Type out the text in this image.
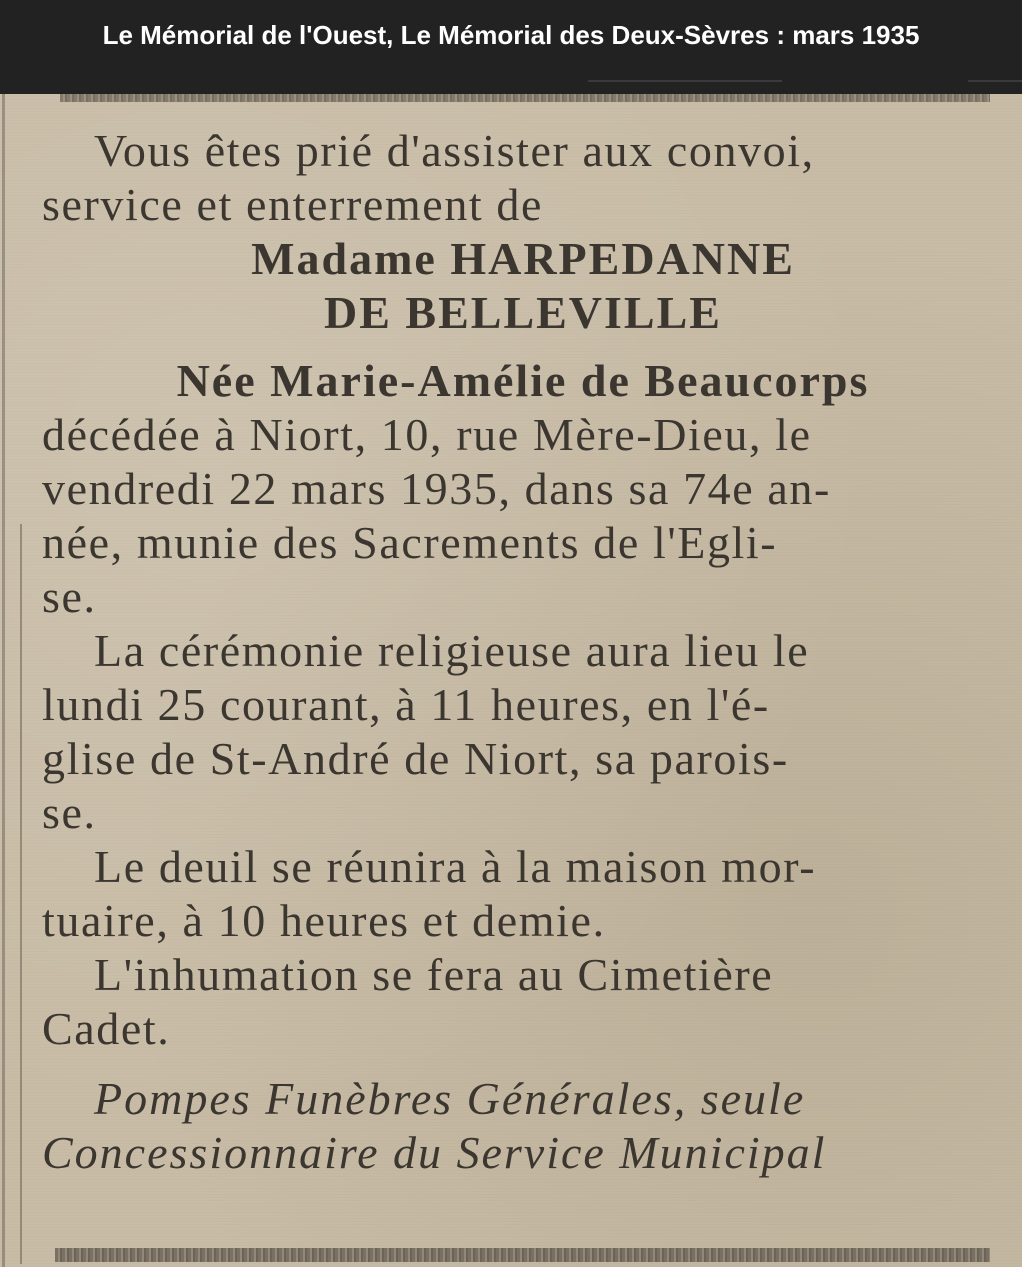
Le Mémorial de l'Ouest, Le Mémorial des Deux-Sèvres : mars 1935

Vous êtes prié d'assister aux convoi,
service et enterrement de

Madame HARPEDANNE

DE BELLEVILLE

Née Marie-Amélie de Beaucorps

décédée à Niort, 10, rue Mère-Dieu, le
vendredi 22 mars 1935, dans sa 74e an-
née, munie des Sacrements de l'Egli-
se.

La cérémonie religieuse aura lieu le
lundi 25 courant, à 11 heures, en l'é-
glise de St-André de Niort, sa parois-
se.

Le deuil se réunira à la maison mor-
tuaire, à 10 heures et demie.

L'inhumation se fera au Cimetière
Cadet.

Pompes Funèbres Générales, seule
Concessionnaire du Service Municipal
